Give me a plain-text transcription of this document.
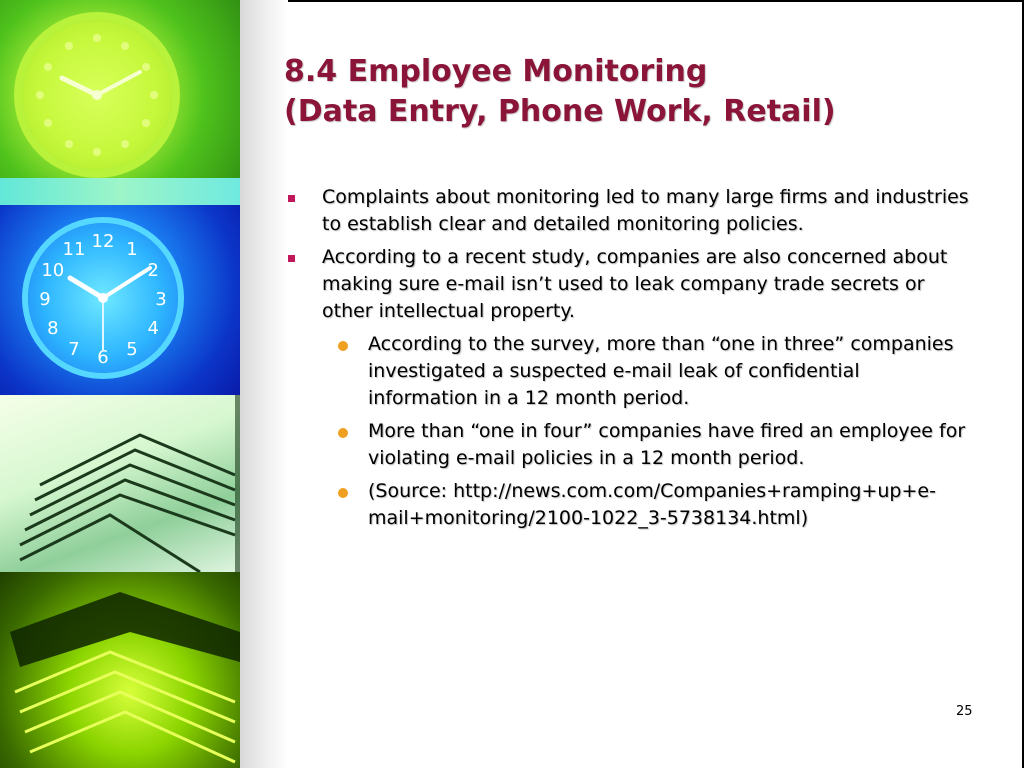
11
10
9
8
7 6 5
4
3
2
1
12
8.4 Employee Monitoring
(Data Entry, Phone Work, Retail)
Complaints about monitoring led to many large firms and industries to establish clear and detailed monitoring policies.
According to a recent study, companies are also concerned about making sure e-mail isn’t used to leak company trade secrets or other intellectual property.
According to the survey, more than “one in three” companies investigated a suspected e-mail leak of confidential information in a 12 month period.
More than “one in four” companies have fired an employee for violating e-mail policies in a 12 month period.
(Source: http://news.com.com/Companies+ramping+up+e-mail+monitoring/2100-1022_3-5738134.html)
25
